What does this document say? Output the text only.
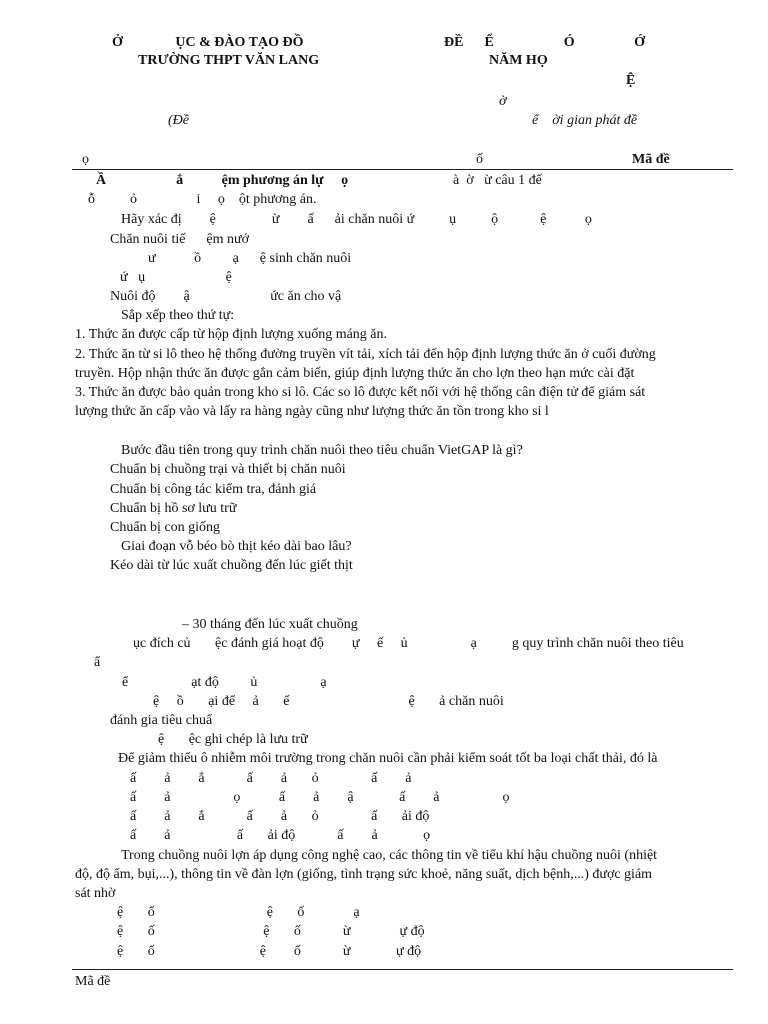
Ở               ỤC & ĐÀO TẠO ĐỒ
TRƯỜNG THPT VĂN LANG
ĐỀ      Ể                    Ó                 Ớ
NĂM HỌ
Ệ
ờ
(Đề	ể    ời gian phát đề
ọ	ố	Mã đề
Ầ                    ắ           ệm phương án lự     ọ	à  ờ   ừ câu 1 đế
ỗ          ỏ                 i     ọ    ột phương án.
Hãy xác đị        ệ                ừ        ấ      ải chăn nuôi ứ          ụ          ộ            ệ           ọ
Chăn nuôi tiế      ệm nướ
ư           ồ         ạ      ệ sinh chăn nuôi
ứ   ụ                       ệ
Nuôi độ        ậ                       ức ăn cho vậ
Sắp xếp theo thứ tự:
1. Thức ăn được cấp từ hộp định lượng xuống máng ăn.
2. Thức ăn từ si lô theo hệ thống đường truyền vít tải, xích tải đến hộp định lượng thức ăn ở cuối đường
truyền. Hộp nhận thức ăn được gắn cảm biến, giúp định lượng thức ăn cho lợn theo hạn mức cài đặt
3. Thức ăn được bảo quản trong kho si lô. Các so lô được kết nối với hệ thống cân điện tử để giám sát
lượng thức ăn cấp vào và lấy ra hàng ngày cũng như lượng thức ăn tồn trong kho si l
Bước đầu tiên trong quy trình chăn nuôi theo tiêu chuẩn VietGAP là gì?
Chuẩn bị chuồng trại và thiết bị chăn nuôi
Chuẩn bị công tác kiểm tra, đánh giá
Chuẩn bị hồ sơ lưu trữ
Chuẩn bị con giống
Giai đoạn vỗ béo bò thịt kéo dài bao lâu?
Kéo dài từ lúc xuất chuồng đến lúc giết thịt
– 30 tháng đến lúc xuất chuồng
ục đích củ       ệc đánh giá hoạt độ        ự     ế     ủ                  ạ          g quy trình chăn nuôi theo tiêu
ẩ
ể                  ạt độ         ủ                  ạ
ệ     ồ       ại để     ả       ế                                  ệ       ả chăn nuôi
đánh gia tiêu chuẩ
ệ       ệc ghi chép là lưu trữ
Để giảm thiểu ô nhiễm môi trường trong chăn nuôi cần phải kiểm soát tốt ba loại chất thải, đó là
ấ        ả        ắ            ấ        ả       ỏ               ấ        ả
ấ        ả                  ọ           ấ        ả        ậ             ấ        ả                  ọ
ấ        ả        ắ            ấ        ả       ỏ               ấ       ải độ
ấ        ả                   ấ       ải độ            ấ        ả             ọ
Trong chuồng nuôi lợn áp dụng công nghệ cao, các thông tin về tiểu khí hậu chuồng nuôi (nhiệt
độ, độ ẩm, bụi,...), thông tin về đàn lợn (giống, tình trạng sức khoẻ, năng suất, dịch bệnh,...) được giám
sát nhờ
ệ       ố                                ệ       ố              ạ
ệ       ố                               ệ       ố            ừ              ự độ
ệ       ố                              ệ        ố            ừ             ự độ
Mã đề
